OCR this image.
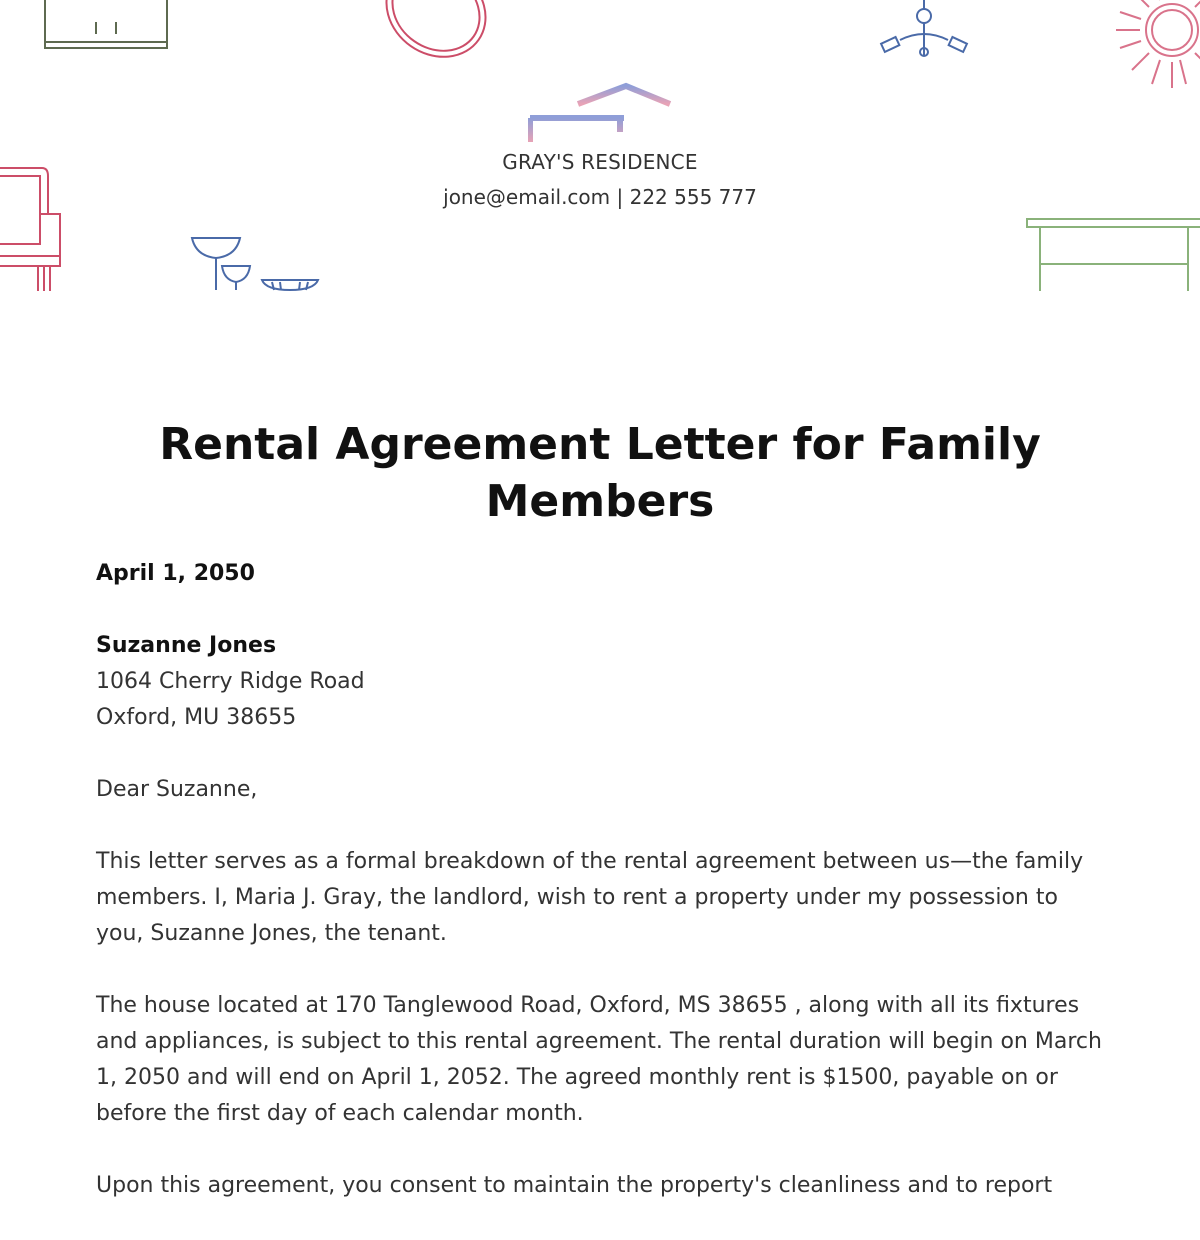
GRAY'S RESIDENCE
jone@email.com | 222 555 777
Rental Agreement Letter for Family Members

April 1, 2050

Suzanne Jones
1064 Cherry Ridge Road
Oxford, MU 38655

Dear Suzanne,

This letter serves as a formal breakdown of the rental agreement between us—the family members. I, Maria J. Gray, the landlord, wish to rent a property under my possession to you, Suzanne Jones, the tenant.

The house located at 170 Tanglewood Road, Oxford, MS 38655 , along with all its fixtures and appliances, is subject to this rental agreement. The rental duration will begin on March 1, 2050 and will end on April 1, 2052. The agreed monthly rent is $1500, payable on or before the first day of each calendar month.

Upon this agreement, you consent to maintain the property's cleanliness and to report
